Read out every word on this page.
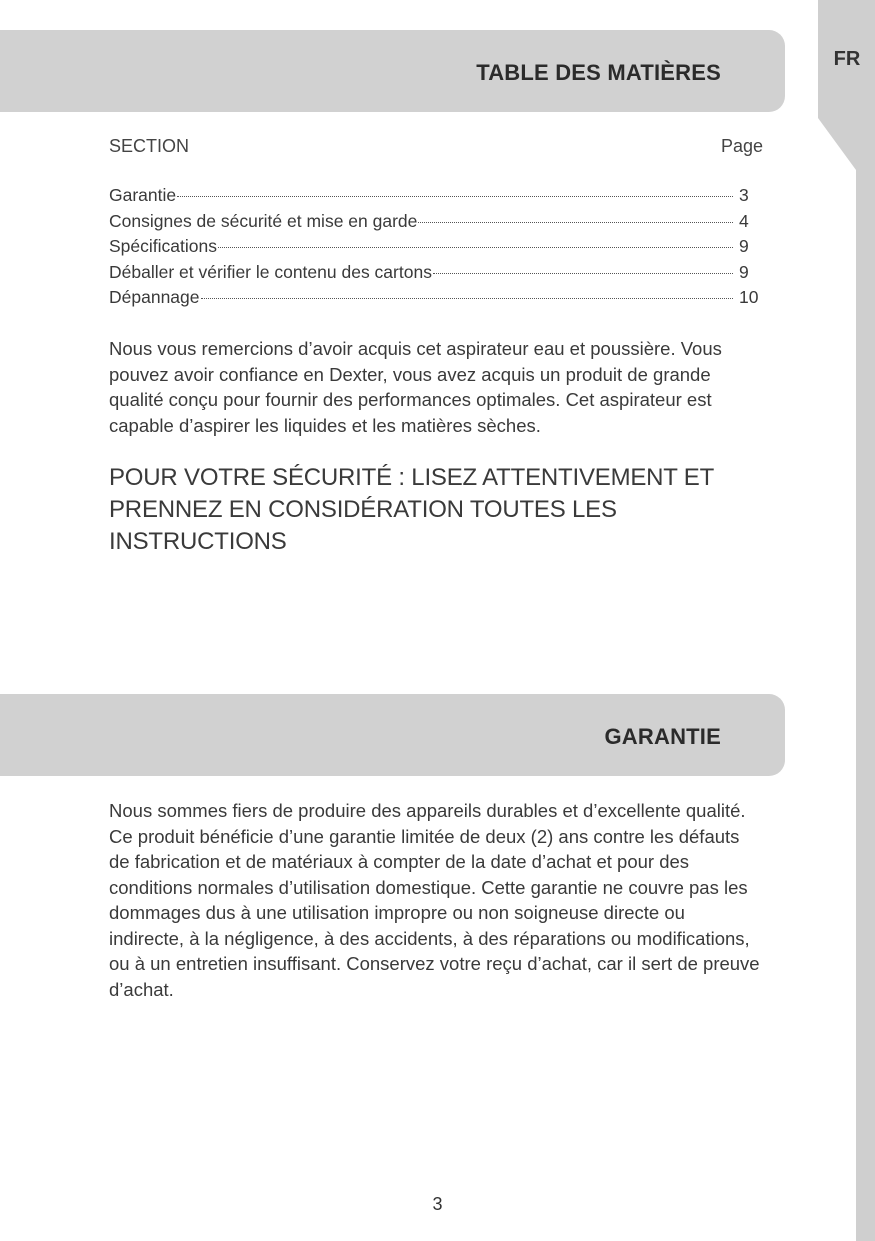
FR
TABLE DES MATIÈRES
SECTION	Page
Garantie	3
Consignes de sécurité et mise en garde	4
Spécifications	9
Déballer et vérifier le contenu des cartons	9
Dépannage	10

Nous vous remercions d’avoir acquis cet aspirateur eau et poussière. Vous pouvez avoir confiance en Dexter, vous avez acquis un produit de grande qualité conçu pour fournir des performances optimales. Cet aspirateur est capable d’aspirer les liquides et les matières sèches.

POUR VOTRE SÉCURITÉ : LISEZ ATTENTIVEMENT ET PRENNEZ EN CONSIDÉRATION TOUTES LES INSTRUCTIONS

GARANTIE

Nous sommes fiers de produire des appareils durables et d’excellente qualité. Ce produit bénéficie d’une garantie limitée de deux (2) ans contre les défauts de fabrication et de matériaux à compter de la date d’achat et pour des conditions normales d’utilisation domestique. Cette garantie ne couvre pas les dommages dus à une utilisation impropre ou non soigneuse directe ou indirecte, à la négligence, à des accidents, à des réparations ou modifications, ou à un entretien insuffisant. Conservez votre reçu d’achat, car il sert de preuve d’achat.

3
